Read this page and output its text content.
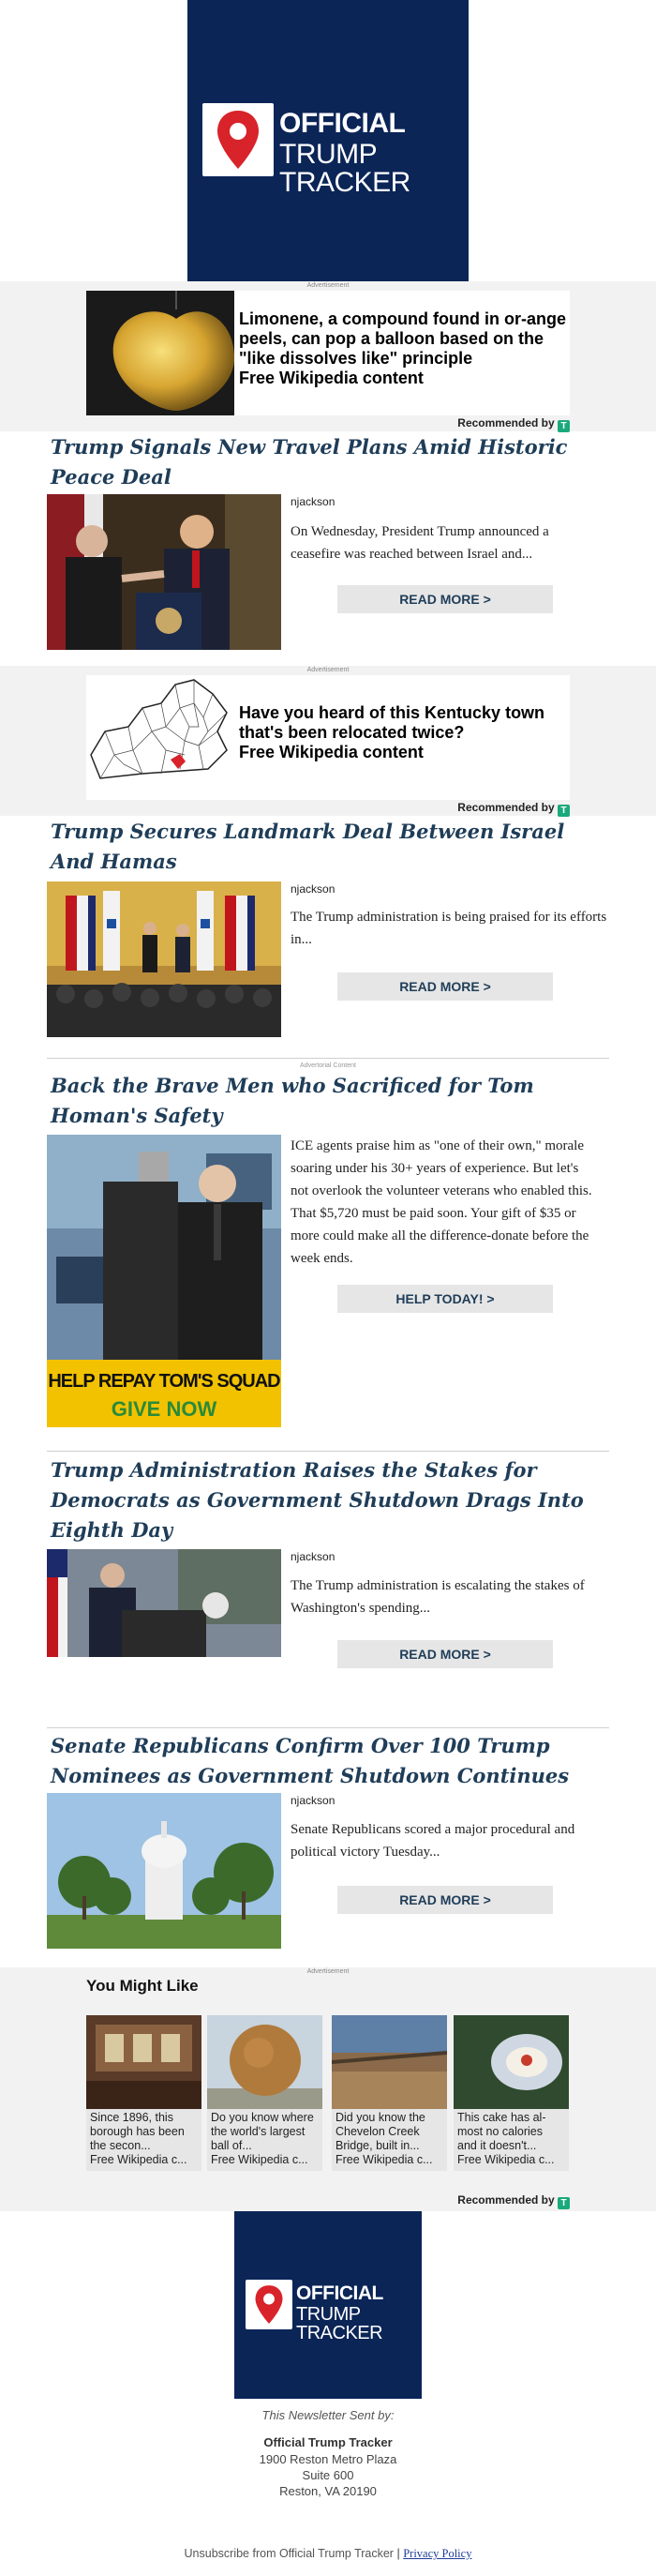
OFFICIAL
TRUMP TRACKER
Advertisement
Limonene, a compound found in or-ange peels, can pop a balloon based on the "like dissolves like" principle
Free Wikipedia content
Recommended by T
Trump Signals New Travel Plans Amid Historic Peace Deal
njackson
On Wednesday, President Trump announced a ceasefire was reached between Israel and...
READ MORE >
Advertisement
Have you heard of this Kentucky town that's been relocated twice?
Free Wikipedia content
Recommended by T
Trump Secures Landmark Deal Between Israel And Hamas
njackson
The Trump administration is being praised for its efforts in...
READ MORE >
Advertorial Content
Back the Brave Men who Sacrificed for Tom Homan's Safety
HELP REPAY TOM'S SQUAD
GIVE NOW
ICE agents praise him as "one of their own," morale soaring under his 30+ years of experience. But let's not overlook the volunteer veterans who enabled this. That $5,720 must be paid soon. Your gift of $35 or more could make all the difference-donate before the week ends.
HELP TODAY! >
Trump Administration Raises the Stakes for Democrats as Government Shutdown Drags Into Eighth Day
njackson
The Trump administration is escalating the stakes of Washington's spending...
READ MORE >
Senate Republicans Confirm Over 100 Trump Nominees as Government Shutdown Continues
njackson
Senate Republicans scored a major procedural and political victory Tuesday...
READ MORE >
Advertisement
You Might Like
Since 1896, this borough has been the secon...
Free Wikipedia c...
Do you know where the world's largest ball of...
Free Wikipedia c...
Did you know the Chevelon Creek Bridge, built in...
Free Wikipedia c...
This cake has al-most no calories and it doesn't...
Free Wikipedia c...
Recommended by T
OFFICIAL
TRUMP TRACKER
This Newsletter Sent by:
Official Trump Tracker
1900 Reston Metro Plaza
Suite 600
Reston, VA 20190
Unsubscribe from Official Trump Tracker | Privacy Policy
